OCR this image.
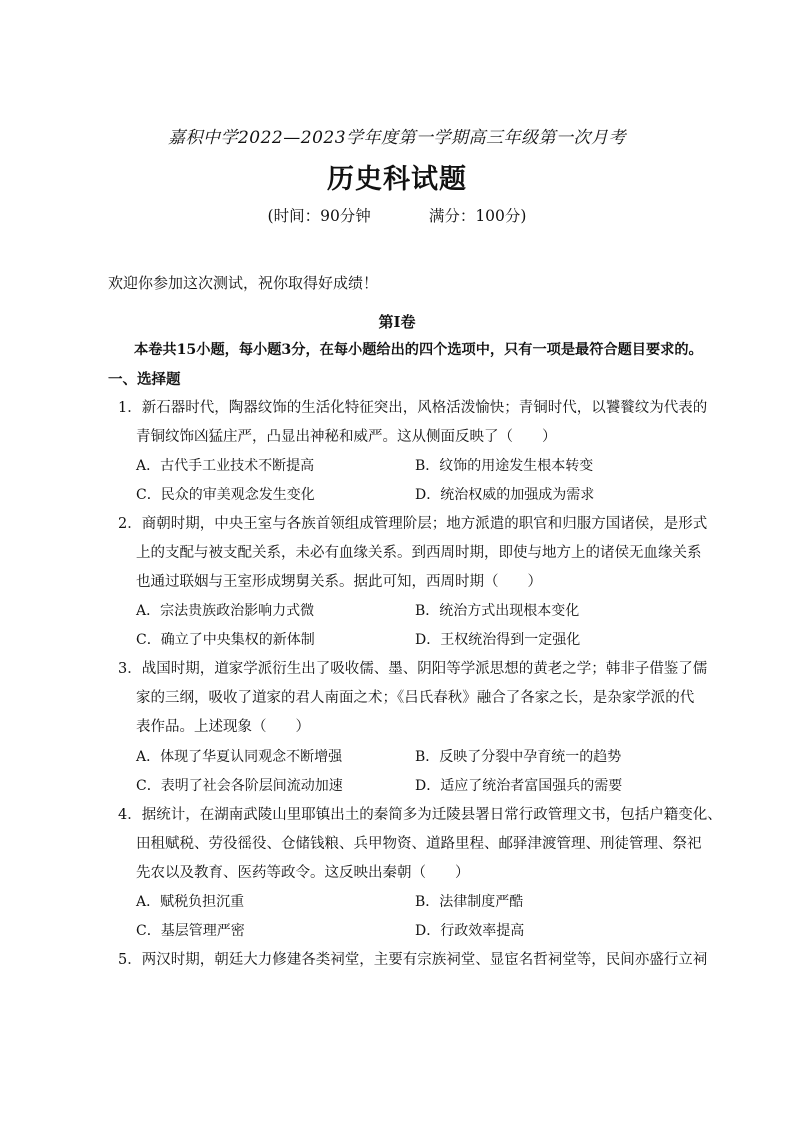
嘉积中学2022—2023学年度第一学期高三年级第一次月考
历史科试题
(时间：90分钟	满分：100分)
欢迎你参加这次测试，祝你取得好成绩！
第Ⅰ卷
本卷共15小题，每小题3分，在每小题给出的四个选项中，只有一项是最符合题目要求的。
一、选择题
1．新石器时代，陶器纹饰的生活化特征突出，风格活泼愉快；青铜时代，以饕餮纹为代表的
青铜纹饰凶猛庄严，凸显出神秘和威严。这从侧面反映了（　　）
A．古代手工业技术不断提高	B．纹饰的用途发生根本转变
C．民众的审美观念发生变化	D．统治权威的加强成为需求
2．商朝时期，中央王室与各族首领组成管理阶层；地方派遣的职官和归服方国诸侯，是形式
上的支配与被支配关系，未必有血缘关系。到西周时期，即使与地方上的诸侯无血缘关系
也通过联姻与王室形成甥舅关系。据此可知，西周时期（　　）
A．宗法贵族政治影响力式微	B．统治方式出现根本变化
C．确立了中央集权的新体制	D．王权统治得到一定强化
3．战国时期，道家学派衍生出了吸收儒、墨、阴阳等学派思想的黄老之学；韩非子借鉴了儒
家的三纲，吸收了道家的君人南面之术；《吕氏春秋》融合了各家之长，是杂家学派的代
表作品。上述现象（　　）
A．体现了华夏认同观念不断增强	B．反映了分裂中孕育统一的趋势
C．表明了社会各阶层间流动加速	D．适应了统治者富国强兵的需要
4．据统计，在湖南武陵山里耶镇出土的秦简多为迁陵县署日常行政管理文书，包括户籍变化、
田租赋税、劳役徭役、仓储钱粮、兵甲物资、道路里程、邮驿津渡管理、刑徒管理、祭祀
先农以及教育、医药等政令。这反映出秦朝（　　）
A．赋税负担沉重	B．法律制度严酷
C．基层管理严密	D．行政效率提高
5．两汉时期，朝廷大力修建各类祠堂，主要有宗族祠堂、显宦名哲祠堂等，民间亦盛行立祠
